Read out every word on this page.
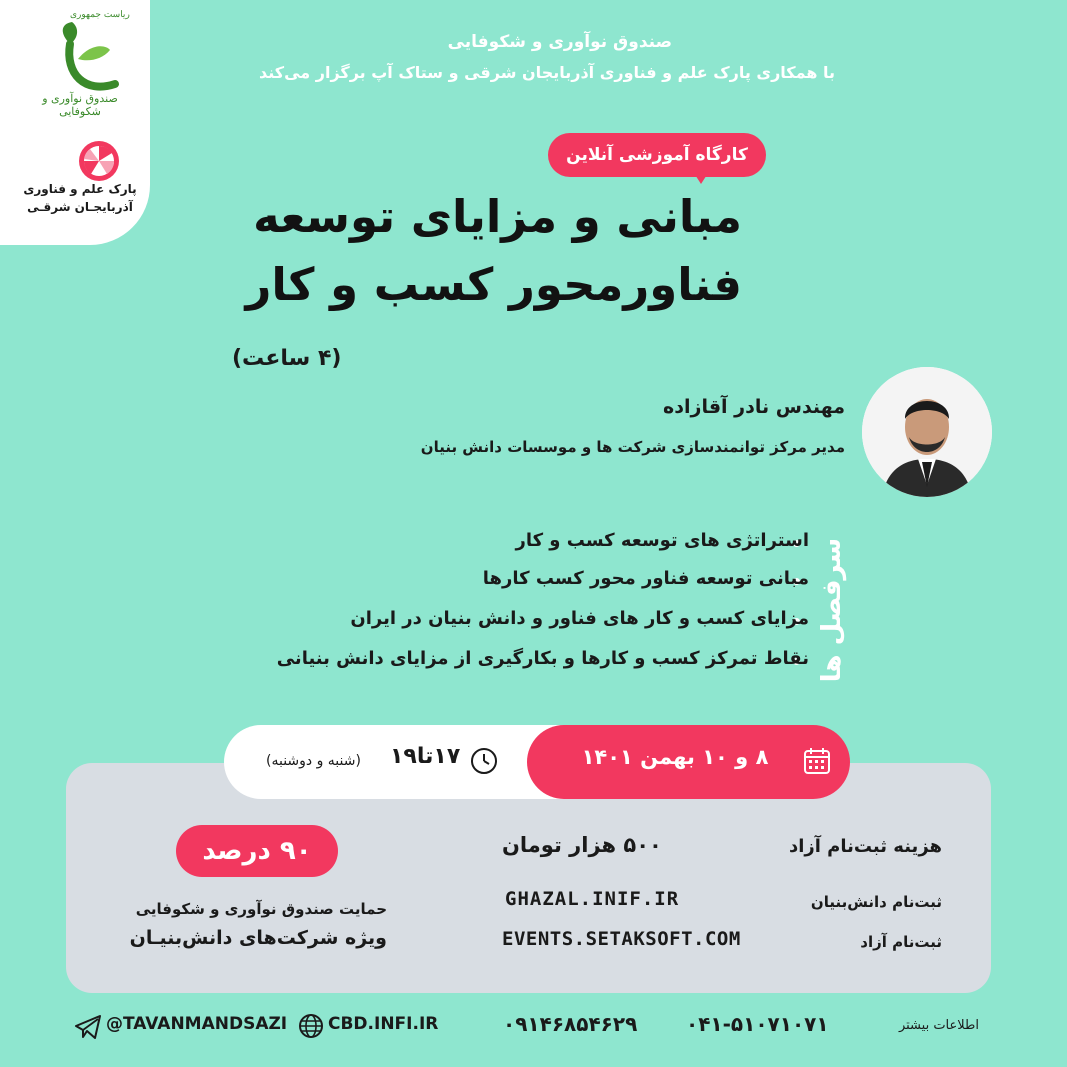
ریاست جمهوری
صندوق نوآوری و شکوفایی
پارک علم و فناوری
آذربایجـان شرقـی
صندوق نوآوری و شکوفایی
با همکاری پارک علم و فناوری آذربایجان شرقی و ستاک آپ برگزار می‌کند
کارگاه آموزشی آنلاین
مبانی و مزایای توسعه
فناورمحور کسب و کار
(۴ ساعت)
مهندس نادر آقازاده
مدیر مرکز توانمندسازی شرکت ها و موسسات دانش بنیان
سرفصل ها
استراتژی های توسعه کسب و کار
مبانی توسعه فناور محور کسب کارها
مزایای کسب و کار های فناور و دانش بنیان در ایران
نقاط تمرکز کسب و کارها و بکارگیری از مزایای دانش بنیانی
۸ و ۱۰ بهمن ۱۴۰۱
۱۷تا۱۹
(شنبه و دوشنبه)
هزینه ثبت‌نام آزاد
۵۰۰ هزار تومان
ثبت‌نام دانش‌بنیان
ثبت‌نام آزاد
GHAZAL.INIF.IR
EVENTS.SETAKSOFT.COM
۹۰ درصد
حمایت صندوق نوآوری و شکوفایی
ویژه شرکت‌های دانش‌بنیـان
اطلاعات بیشتر
۰۴۱-۵۱۰۷۱۰۷۱
۰۹۱۴۶۸۵۴۶۲۹
CBD.INFI.IR
@TAVANMANDSAZI
